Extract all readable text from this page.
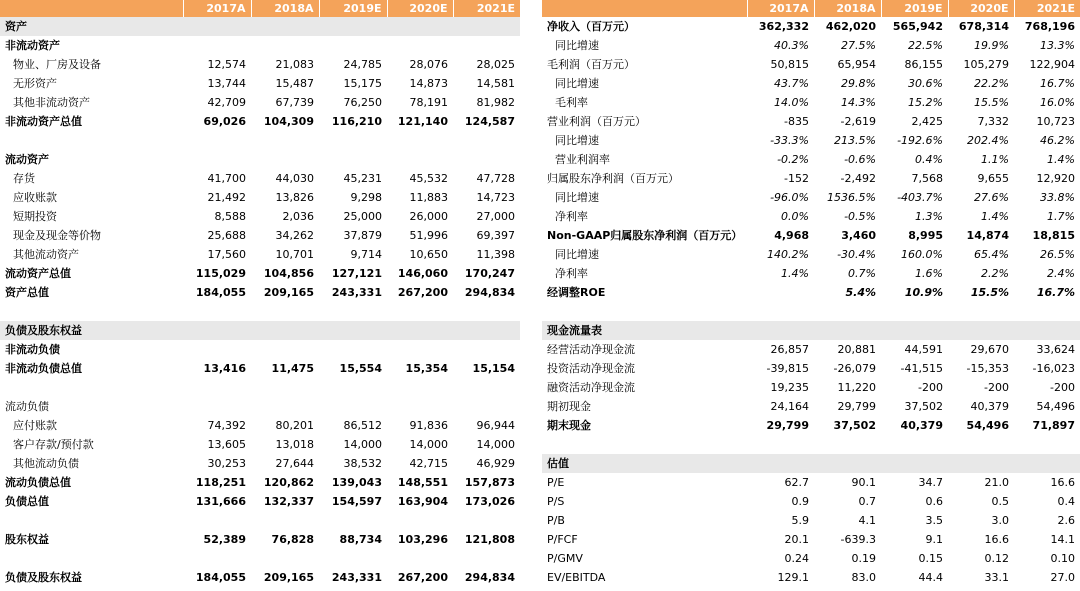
	2017A	2018A	2019E	2020E	2021E
资产					
非流动资产					
物业、厂房及设备	12,574	21,083	24,785	28,076	28,025
无形资产	13,744	15,487	15,175	14,873	14,581
其他非流动资产	42,709	67,739	76,250	78,191	81,982
非流动资产总值	69,026	104,309	116,210	121,140	124,587

流动资产					
存货	41,700	44,030	45,231	45,532	47,728
应收账款	21,492	13,826	9,298	11,883	14,723
短期投资	8,588	2,036	25,000	26,000	27,000
现金及现金等价物	25,688	34,262	37,879	51,996	69,397
其他流动资产	17,560	10,701	9,714	10,650	11,398
流动资产总值	115,029	104,856	127,121	146,060	170,247
资产总值	184,055	209,165	243,331	267,200	294,834

负债及股东权益					
非流动负债					
非流动负债总值	13,416	11,475	15,554	15,354	15,154

流动负债					
应付账款	74,392	80,201	86,512	91,836	96,944
客户存款/预付款	13,605	13,018	14,000	14,000	14,000
其他流动负债	30,253	27,644	38,532	42,715	46,929
流动负债总值	118,251	120,862	139,043	148,551	157,873
负债总值	131,666	132,337	154,597	163,904	173,026

股东权益	52,389	76,828	88,734	103,296	121,808

负债及股东权益	184,055	209,165	243,331	267,200	294,834
	2017A	2018A	2019E	2020E	2021E
净收入（百万元）	362,332	462,020	565,942	678,314	768,196
同比增速	40.3%	27.5%	22.5%	19.9%	13.3%
毛利润（百万元）	50,815	65,954	86,155	105,279	122,904
同比增速	43.7%	29.8%	30.6%	22.2%	16.7%
毛利率	14.0%	14.3%	15.2%	15.5%	16.0%
营业利润（百万元）	-835	-2,619	2,425	7,332	10,723
同比增速	-33.3%	213.5%	-192.6%	202.4%	46.2%
营业利润率	-0.2%	-0.6%	0.4%	1.1%	1.4%
归属股东净利润（百万元）	-152	-2,492	7,568	9,655	12,920
同比增速	-96.0%	1536.5%	-403.7%	27.6%	33.8%
净利率	0.0%	-0.5%	1.3%	1.4%	1.7%
Non-GAAP归属股东净利润（百万元）	4,968	3,460	8,995	14,874	18,815
同比增速	140.2%	-30.4%	160.0%	65.4%	26.5%
净利率	1.4%	0.7%	1.6%	2.2%	2.4%
经调整ROE		5.4%	10.9%	15.5%	16.7%

现金流量表					
经营活动净现金流	26,857	20,881	44,591	29,670	33,624
投资活动净现金流	-39,815	-26,079	-41,515	-15,353	-16,023
融资活动净现金流	19,235	11,220	-200	-200	-200
期初现金	24,164	29,799	37,502	40,379	54,496
期末现金	29,799	37,502	40,379	54,496	71,897

估值					
P/E	62.7	90.1	34.7	21.0	16.6
P/S	0.9	0.7	0.6	0.5	0.4
P/B	5.9	4.1	3.5	3.0	2.6
P/FCF	20.1	-639.3	9.1	16.6	14.1
P/GMV	0.24	0.19	0.15	0.12	0.10
EV/EBITDA	129.1	83.0	44.4	33.1	27.0
